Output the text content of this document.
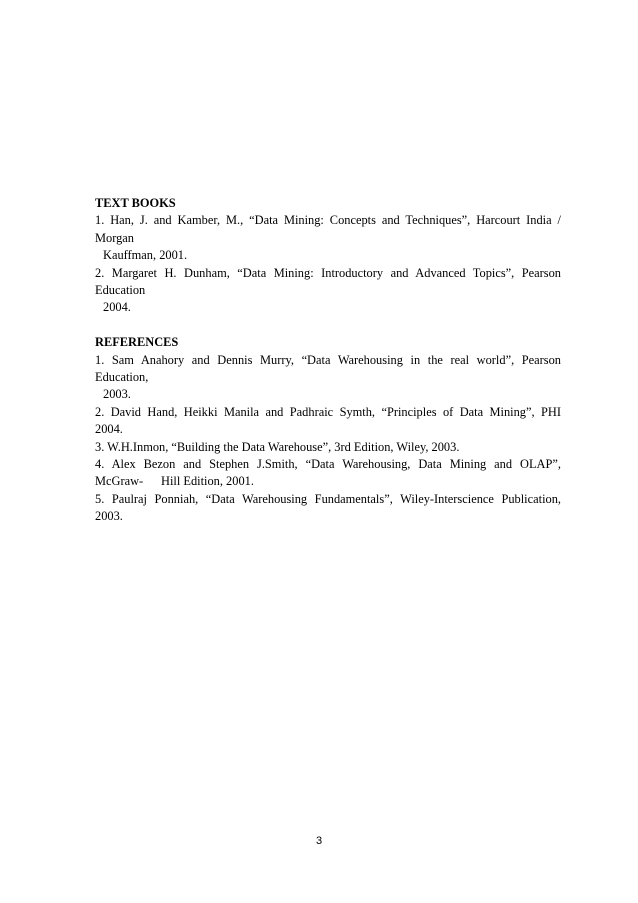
TEXT BOOKS
1. Han, J. and Kamber, M., “Data Mining: Concepts and Techniques”, Harcourt India /
Morgan
Kauffman, 2001.
2. Margaret H. Dunham, “Data Mining: Introductory and Advanced Topics”, Pearson
Education
2004.
REFERENCES
1. Sam Anahory and Dennis Murry, “Data Warehousing in the real world”, Pearson
Education,
2003.
2. David Hand, Heikki Manila and Padhraic Symth, “Principles of Data Mining”, PHI
2004.
3. W.H.Inmon, “Building the Data Warehouse”, 3rd Edition, Wiley, 2003.
4. Alex Bezon and Stephen J.Smith, “Data Warehousing, Data Mining and OLAP”,
McGraw- Hill Edition, 2001.
5. Paulraj Ponniah, “Data Warehousing Fundamentals”, Wiley-Interscience Publication,
2003.
3
